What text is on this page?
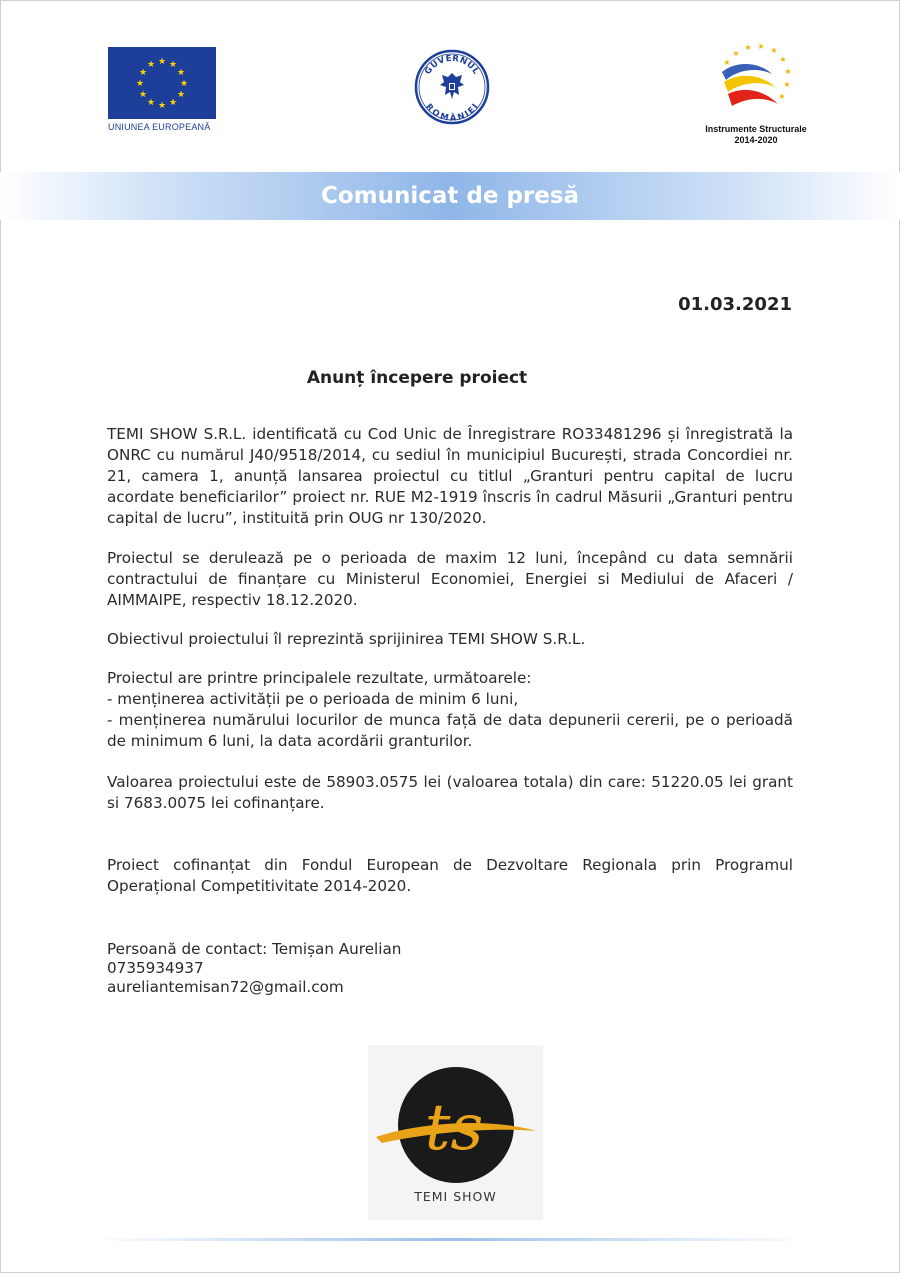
★ ★
★
★
★
★
★
★
★
★
★
★
UNIUNEA EUROPEANĂ
GUVERNUL
ROMÂNIEI
★
★ ★ ★
★
★
★
★
★
Instrumente Structurale
2014-2020
Comunicat de presă
01.03.2021
Anunț începere proiect

TEMI SHOW S.R.L. identificată cu Cod Unic de Înregistrare RO33481296 și înregistrată la ONRC cu numărul J40/9518/2014, cu sediul în municipiul București, strada Concordiei nr. 21, camera 1, anunță lansarea proiectul cu titlul „Granturi pentru capital de lucru acordate beneficiarilor” proiect nr. RUE M2-1919 înscris în cadrul Măsurii „Granturi pentru capital de lucru”, instituită prin OUG nr 130/2020.

Proiectul se derulează pe o perioada de maxim 12 luni, începând cu data semnării contractului de finanțare cu Ministerul Economiei, Energiei si Mediului de Afaceri / AIMMAIPE, respectiv 18.12.2020.

Obiectivul proiectului îl reprezintă sprijinirea TEMI SHOW S.R.L.

Proiectul are printre principalele rezultate, următoarele:

- menținerea activității pe o perioada de minim 6 luni,

- menținerea numărului locurilor de munca față de data depunerii cererii, pe o perioadă de minimum 6 luni, la data acordării granturilor.

Valoarea proiectului este de 58903.0575 lei (valoarea totala) din care: 51220.05 lei grant si 7683.0075 lei cofinanțare.

Proiect cofinanțat din Fondul European de Dezvoltare Regionala prin Programul Operațional Competitivitate 2014-2020.

Persoană de contact: Temișan Aurelian

0735934937

aureliantemisan72@gmail.com

ts
TEMI SHOW
